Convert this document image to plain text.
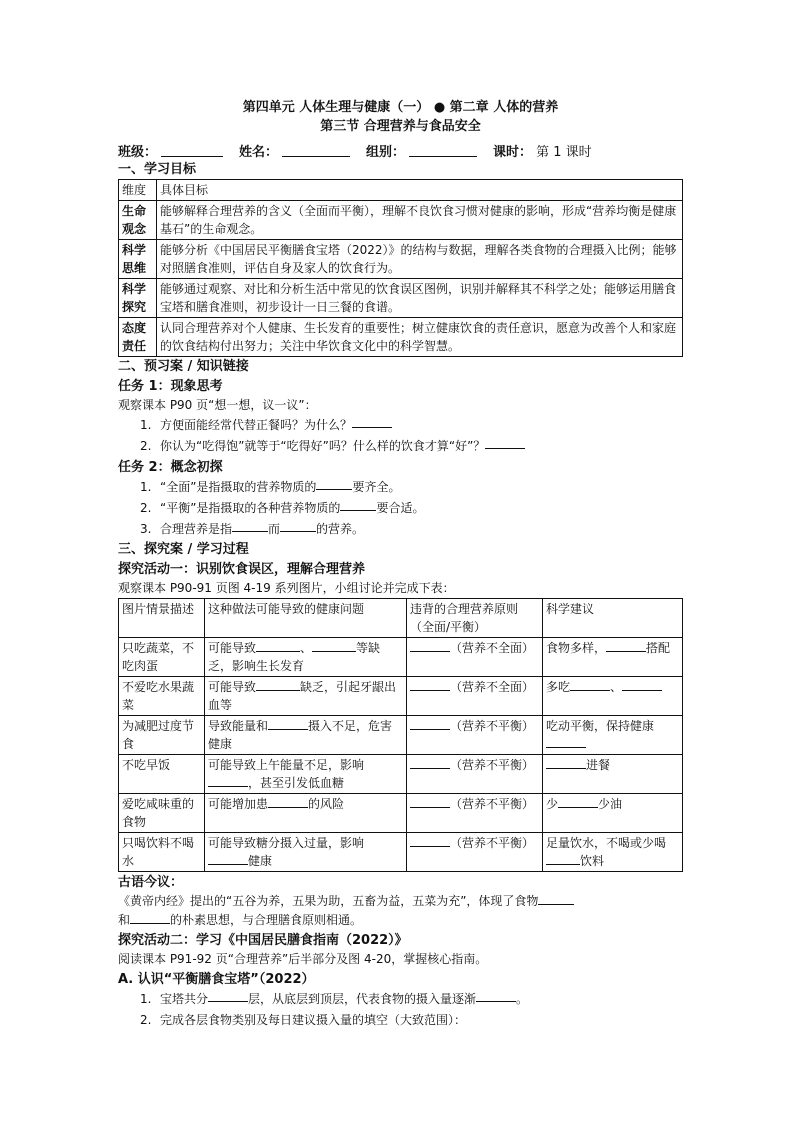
第四单元 人体生理与健康（一） ● 第二章 人体的营养
第三节 合理营养与食品安全
班级：	姓名：	组别：	课时： 第 1 课时
一、学习目标
维度	具体目标
生命观念	能够解释合理营养的含义（全面而平衡），理解不良饮食习惯对健康的影响，形成“营养均衡是健康基石”的生命观念。
科学思维	能够分析《中国居民平衡膳食宝塔（2022）》的结构与数据，理解各类食物的合理摄入比例；能够对照膳食准则，评估自身及家人的饮食行为。
科学探究	能够通过观察、对比和分析生活中常见的饮食误区图例，识别并解释其不科学之处；能够运用膳食宝塔和膳食准则，初步设计一日三餐的食谱。
态度责任	认同合理营养对个人健康、生长发育的重要性；树立健康饮食的责任意识，愿意为改善个人和家庭的饮食结构付出努力；关注中华饮食文化中的科学智慧。
二、预习案 / 知识链接
任务 1：现象思考
观察课本 P90 页“想一想，议一议”：
1. 方便面能经常代替正餐吗？为什么？
2. 你认为“吃得饱”就等于“吃得好”吗？什么样的饮食才算“好”？
任务 2：概念初探
1. “全面”是指摄取的营养物质的	要齐全。
2. “平衡”是指摄取的各种营养物质的	要合适。
3. 合理营养是指	而	的营养。
三、探究案 / 学习过程
探究活动一：识别饮食误区，理解合理营养
观察课本 P90-91 页图 4-19 系列图片，小组讨论并完成下表：
图片情景描述	这种做法可能导致的健康问题	违背的合理营养原则（全面/平衡）	科学建议
只吃蔬菜，不吃肉蛋	可能导致 、 等缺乏，影响生长发育	（营养不全面）	食物多样， 搭配
不爱吃水果蔬菜	可能导致 缺乏，引起牙龈出血等	（营养不全面）	多吃 、
为减肥过度节食	导致能量和 摄入不足，危害健康	（营养不平衡）	吃动平衡，保持健康

不吃早饭	可能导致上午能量不足，影响，甚至引发低血糖	（营养不平衡）	进餐
爱吃咸味重的食物	可能增加患 的风险	（营养不平衡）	少 少油
只喝饮料不喝水	可能导致糖分摄入过量，影响健康	（营养不平衡）	足量饮水，不喝或少喝饮料
古语今议：
《黄帝内经》提出的“五谷为养，五果为助，五畜为益，五菜为充”，体现了食物
和	的朴素思想，与合理膳食原则相通。
探究活动二：学习《中国居民膳食指南（2022）》
阅读课本 P91-92 页“合理营养”后半部分及图 4-20，掌握核心指南。
A. 认识“平衡膳食宝塔”（2022）
1. 宝塔共分	层，从底层到顶层，代表食物的摄入量逐渐	。
2. 完成各层食物类别及每日建议摄入量的填空（大致范围）：
